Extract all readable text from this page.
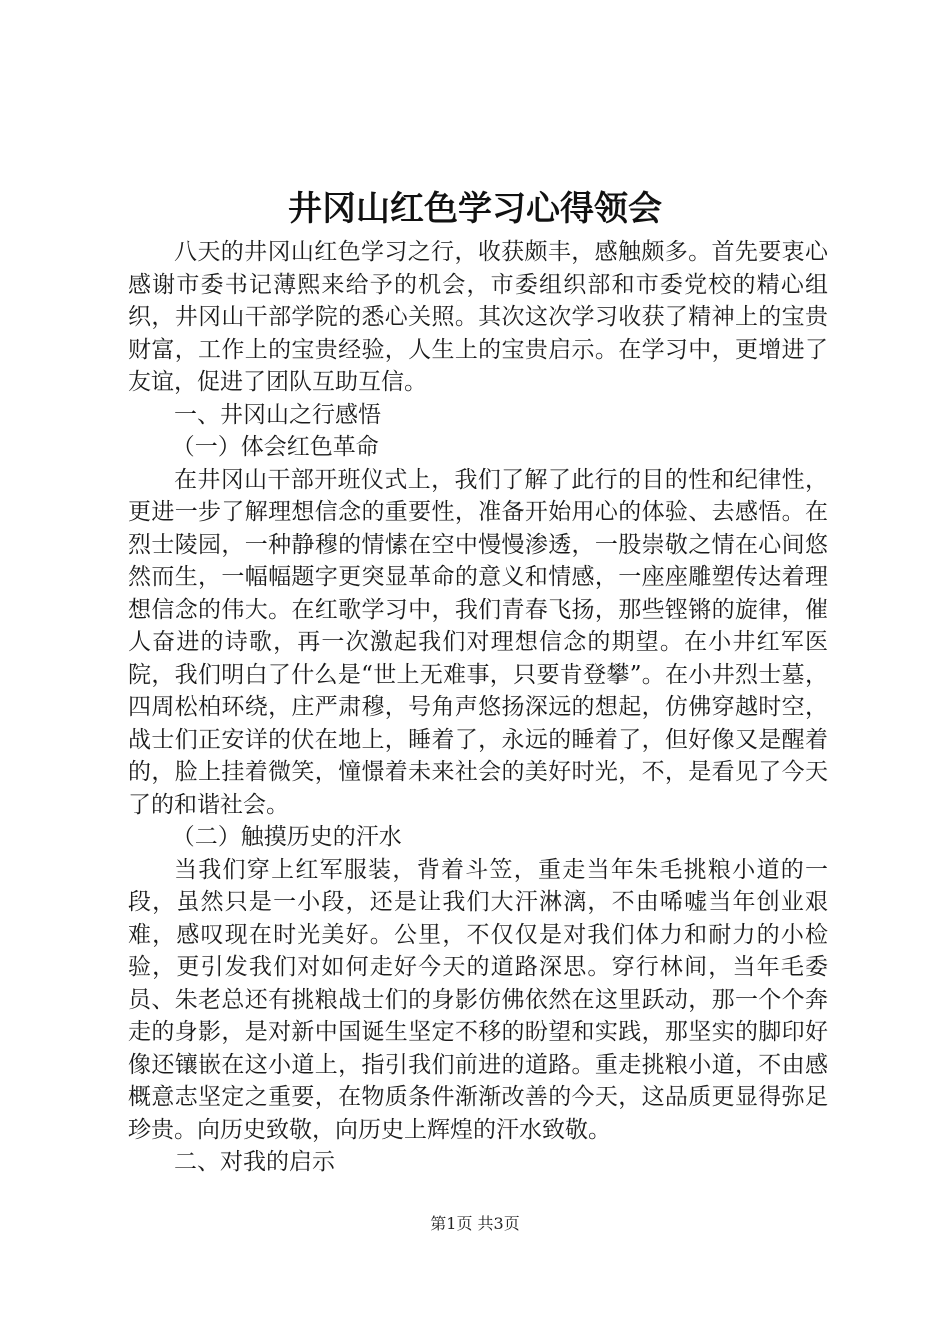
井冈山红色学习心得领会

八天的井冈山红色学习之行，收获颇丰，感触颇多。首先要衷心感谢市委书记薄熙来给予的机会，市委组织部和市委党校的精心组织，井冈山干部学院的悉心关照。其次这次学习收获了精神上的宝贵财富，工作上的宝贵经验，人生上的宝贵启示。在学习中，更增进了友谊，促进了团队互助互信。

一、井冈山之行感悟

（一）体会红色革命

在井冈山干部开班仪式上，我们了解了此行的目的性和纪律性，更进一步了解理想信念的重要性，准备开始用心的体验、去感悟。在烈士陵园，一种静穆的情愫在空中慢慢渗透，一股崇敬之情在心间悠然而生，一幅幅题字更突显革命的意义和情感，一座座雕塑传达着理想信念的伟大。在红歌学习中，我们青春飞扬，那些铿锵的旋律，催人奋进的诗歌，再一次激起我们对理想信念的期望。在小井红军医院，我们明白了什么是“世上无难事，只要肯登攀”。在小井烈士墓，四周松柏环绕，庄严肃穆，号角声悠扬深远的想起，仿佛穿越时空，战士们正安详的伏在地上，睡着了，永远的睡着了，但好像又是醒着的，脸上挂着微笑，憧憬着未来社会的美好时光，不，是看见了今天了的和谐社会。

（二）触摸历史的汗水

当我们穿上红军服装，背着斗笠，重走当年朱毛挑粮小道的一段，虽然只是一小段，还是让我们大汗淋漓，不由唏嘘当年创业艰难，感叹现在时光美好。公里，不仅仅是对我们体力和耐力的小检验，更引发我们对如何走好今天的道路深思。穿行林间，当年毛委员、朱老总还有挑粮战士们的身影仿佛依然在这里跃动，那一个个奔走的身影，是对新中国诞生坚定不移的盼望和实践，那坚实的脚印好像还镶嵌在这小道上，指引我们前进的道路。重走挑粮小道，不由感概意志坚定之重要，在物质条件渐渐改善的今天，这品质更显得弥足珍贵。向历史致敬，向历史上辉煌的汗水致敬。

二、对我的启示

第1页 共3页
